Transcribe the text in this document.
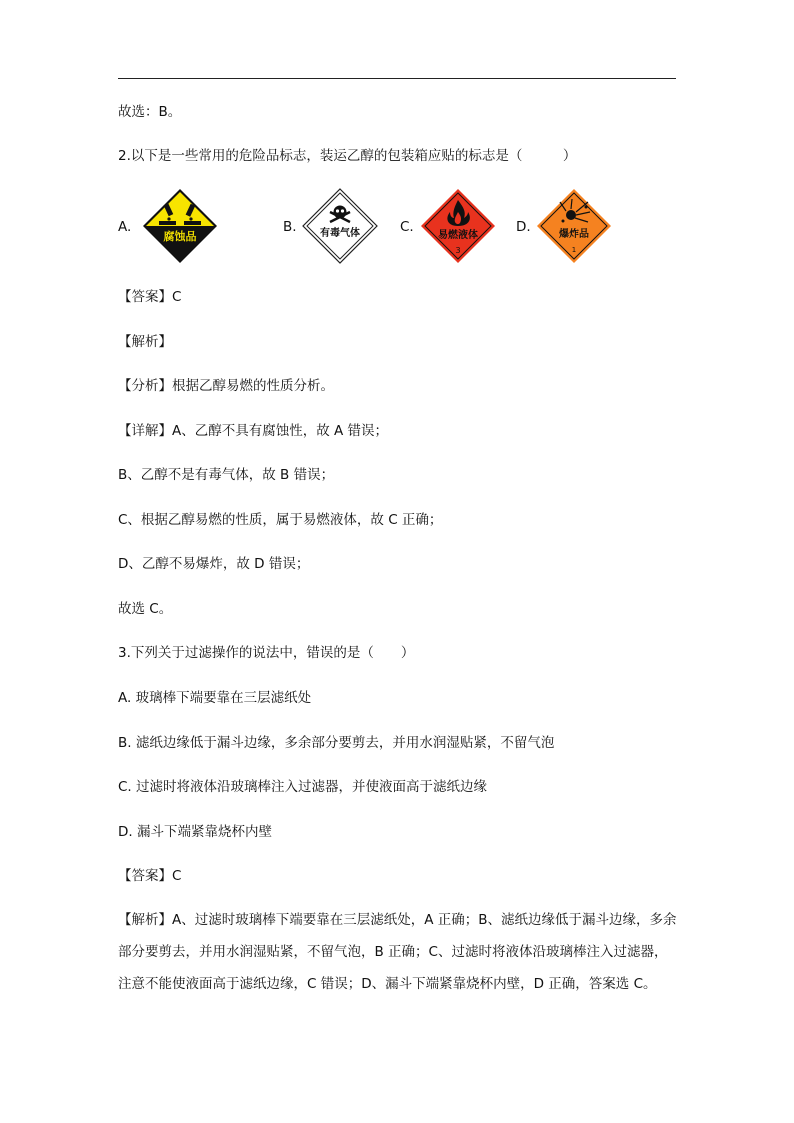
故选：B。
2.以下是一些常用的危险品标志，装运乙醇的包装箱应贴的标志是（　　　）
A.
腐蚀品
B. 有毒气体	C.
易燃液体
3
D.	爆炸品
1
【答案】C
【解析】
【分析】根据乙醇易燃的性质分析。
【详解】A、乙醇不具有腐蚀性，故 A 错误；
B、乙醇不是有毒气体，故 B 错误；
C、根据乙醇易燃的性质，属于易燃液体，故 C 正确；
D、乙醇不易爆炸，故 D 错误；
故选 C。
3.下列关于过滤操作的说法中，错误的是（　　）
A. 玻璃棒下端要靠在三层滤纸处
B. 滤纸边缘低于漏斗边缘，多余部分要剪去，并用水润湿贴紧，不留气泡
C. 过滤时将液体沿玻璃棒注入过滤器，并使液面高于滤纸边缘
D. 漏斗下端紧靠烧杯内壁
【答案】C
【解析】A、过滤时玻璃棒下端要靠在三层滤纸处，A 正确；B、滤纸边缘低于漏斗边缘，多余部分要剪去，并用水润湿贴紧，不留气泡，B 正确；C、过滤时将液体沿玻璃棒注入过滤器，注意不能使液面高于滤纸边缘，C 错误；D、漏斗下端紧靠烧杯内壁，D 正确，答案选 C。
